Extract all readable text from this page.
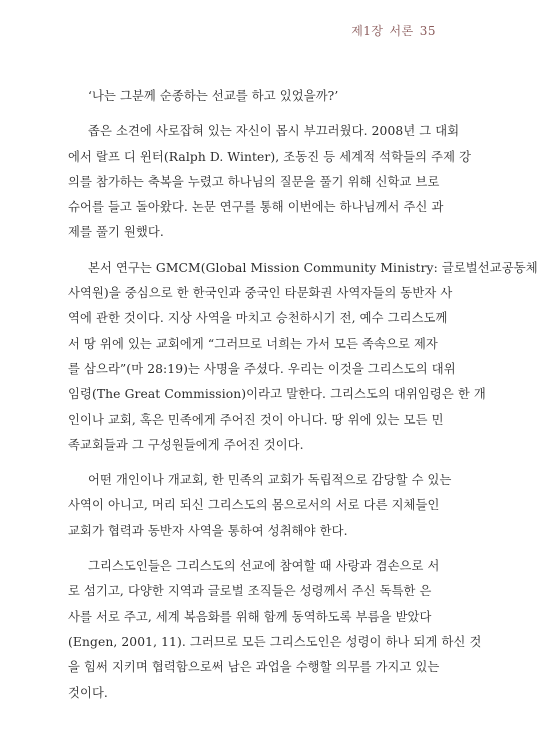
제1장 서론 35
‘나는 그분께 순종하는 선교를 하고 있었을까?’
좁은 소견에 사로잡혀 있는 자신이 몹시 부끄러웠다. 2008년 그 대회
에서 랄프 디 윈터(Ralph D. Winter), 조동진 등 세계적 석학들의 주제 강
의를 참가하는 축복을 누렸고 하나님의 질문을 풀기 위해 신학교 브로
슈어를 들고 돌아왔다. 논문 연구를 통해 이번에는 하나님께서 주신 과
제를 풀기 원했다.
본서 연구는 GMCM(Global Mission Community Ministry: 글로벌선교공동체
사역원)을 중심으로 한 한국인과 중국인 타문화권 사역자들의 동반자 사
역에 관한 것이다. 지상 사역을 마치고 승천하시기 전, 예수 그리스도께
서 땅 위에 있는 교회에게 “그러므로 너희는 가서 모든 족속으로 제자
를 삼으라”(마 28:19)는 사명을 주셨다. 우리는 이것을 그리스도의 대위
임령(The Great Commission)이라고 말한다. 그리스도의 대위임령은 한 개
인이나 교회, 혹은 민족에게 주어진 것이 아니다. 땅 위에 있는 모든 민
족교회들과 그 구성원들에게 주어진 것이다.
어떤 개인이나 개교회, 한 민족의 교회가 독립적으로 감당할 수 있는
사역이 아니고, 머리 되신 그리스도의 몸으로서의 서로 다른 지체들인
교회가 협력과 동반자 사역을 통하여 성취해야 한다.
그리스도인들은 그리스도의 선교에 참여할 때 사랑과 겸손으로 서
로 섬기고, 다양한 지역과 글로벌 조직들은 성령께서 주신 독특한 은
사를 서로 주고, 세계 복음화를 위해 함께 동역하도록 부름을 받았다
(Engen, 2001, 11). 그러므로 모든 그리스도인은 성령이 하나 되게 하신 것
을 힘써 지키며 협력함으로써 남은 과업을 수행할 의무를 가지고 있는
것이다.
